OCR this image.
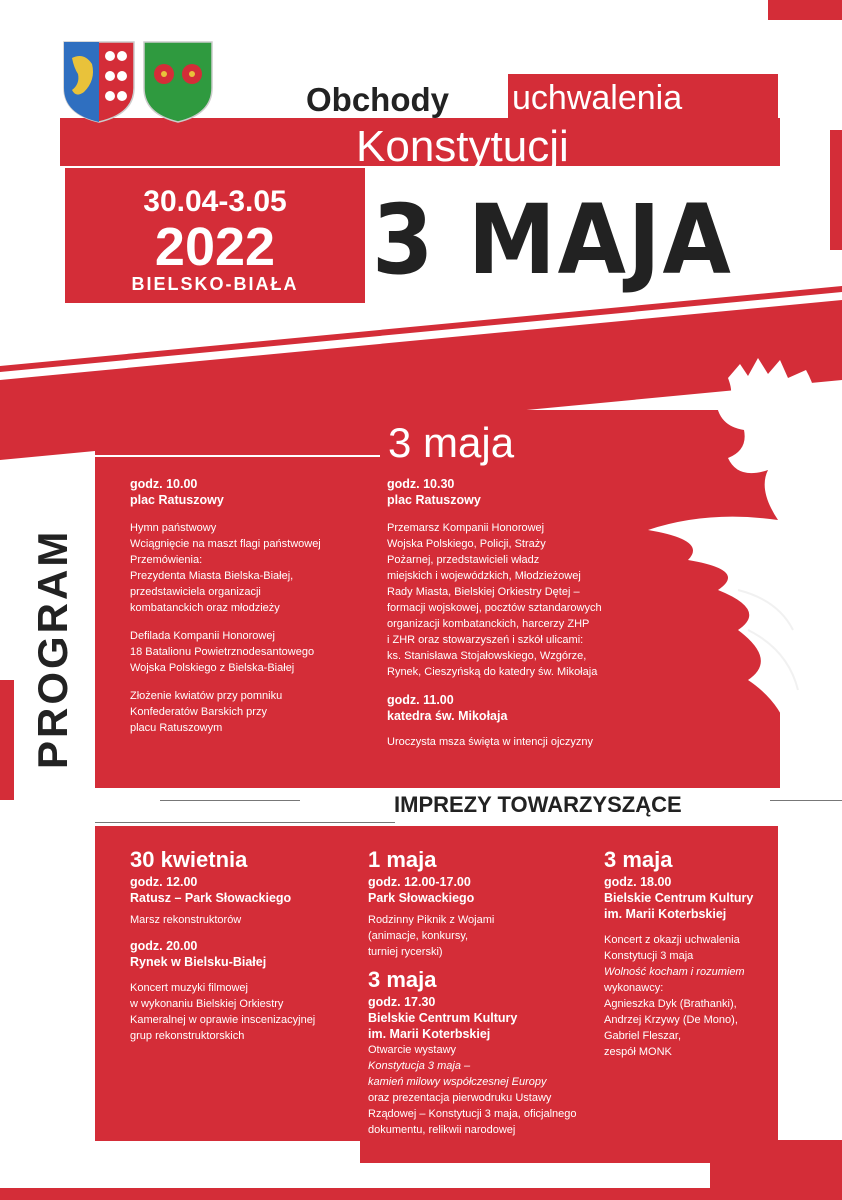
Obchody uchwalenia
Konstytucji
30.04-3.05
2022
BIELSKO-BIAŁA 3 MAJA
PROGRAM
3 maja
godz. 10.00
plac Ratuszowy
Hymn państwowy
Wciągnięcie na maszt flagi państwowej
Przemówienia:
Prezydenta Miasta Bielska-Białej,
przedstawiciela organizacji
kombatanckich oraz młodzieży
Defilada Kompanii Honorowej
18 Batalionu Powietrznodesantowego
Wojska Polskiego z Bielska-Białej
Złożenie kwiatów przy pomniku
Konfederatów Barskich przy
placu Ratuszowym
godz. 10.30
plac Ratuszowy
Przemarsz Kompanii Honorowej
Wojska Polskiego, Policji, Straży
Pożarnej, przedstawicieli władz
miejskich i wojewódzkich, Młodzieżowej
Rady Miasta, Bielskiej Orkiestry Dętej –
formacji wojskowej, pocztów sztandarowych
organizacji kombatanckich, harcerzy ZHP
i ZHR oraz stowarzyszeń i szkół ulicami:
ks. Stanisława Stojałowskiego, Wzgórze,
Rynek, Cieszyńską do katedry św. Mikołaja
godz. 11.00
katedra św. Mikołaja
Uroczysta msza święta w intencji ojczyzny
IMPREZY TOWARZYSZĄCE
30 kwietnia
godz. 12.00
Ratusz – Park Słowackiego
Marsz rekonstruktorów
godz. 20.00
Rynek w Bielsku-Białej
Koncert muzyki filmowej
w wykonaniu Bielskiej Orkiestry
Kameralnej w oprawie inscenizacyjnej
grup rekonstruktorskich
1 maja
godz. 12.00-17.00
Park Słowackiego
Rodzinny Piknik z Wojami
(animacje, konkursy,
turniej rycerski)
3 maja
godz. 17.30
Bielskie Centrum Kultury
im. Marii Koterbskiej
Otwarcie wystawy
Konstytucja 3 maja –
kamień milowy współczesnej Europy
oraz prezentacja pierwodruku Ustawy
Rządowej – Konstytucji 3 maja, oficjalnego
dokumentu, relikwii narodowej
3 maja
godz. 18.00
Bielskie Centrum Kultury
im. Marii Koterbskiej
Koncert z okazji uchwalenia
Konstytucji 3 maja
Wolność kocham i rozumiem
wykonawcy:
Agnieszka Dyk (Brathanki),
Andrzej Krzywy (De Mono),
Gabriel Fleszar,
zespół MONK
